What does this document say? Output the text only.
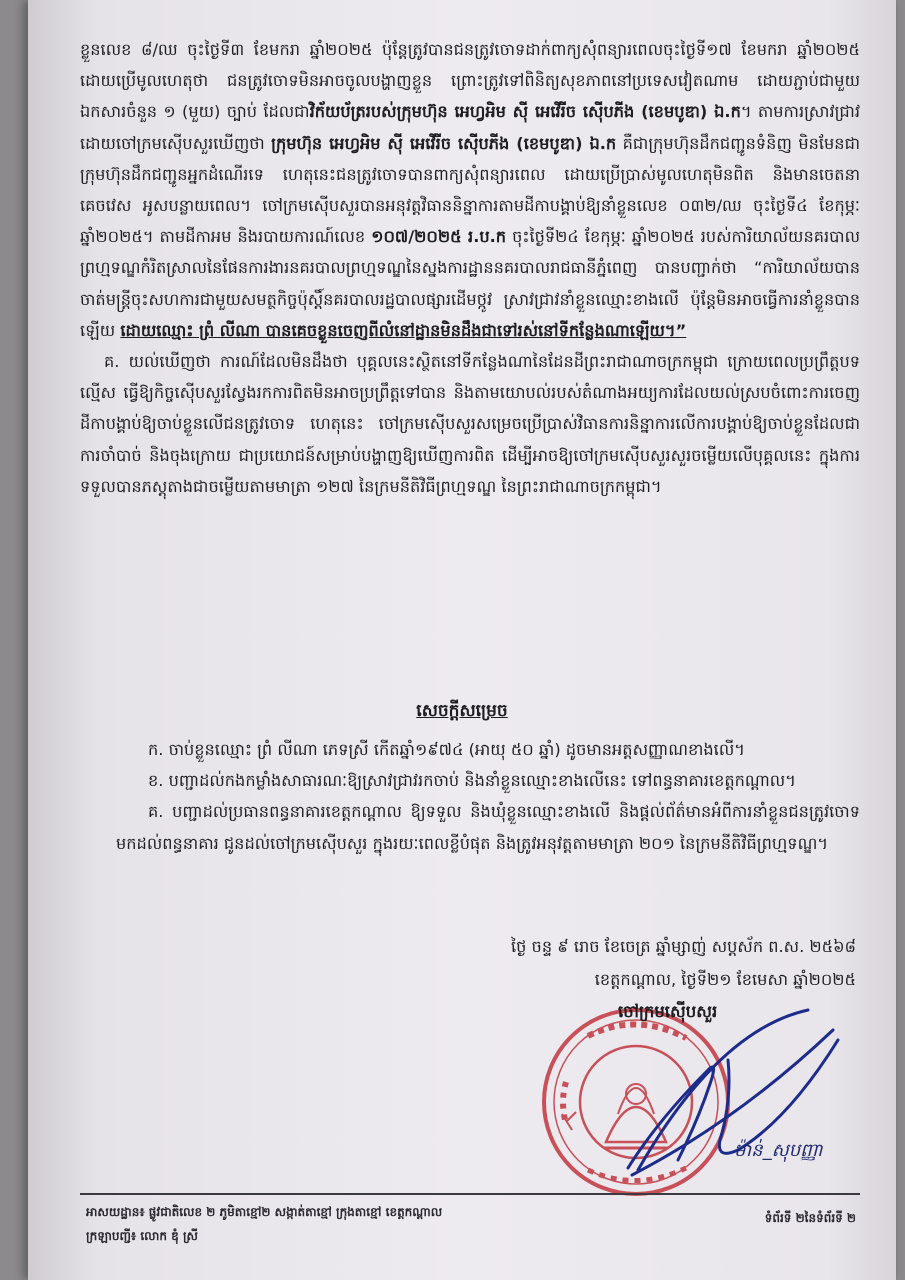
ខ្លួនលេខ ៨/ឈ ចុះថ្ងៃទី៣ ខែមករា ឆ្នាំ២០២៥ ប៉ុន្តែត្រូវបានជនត្រូវចោទដាក់ពាក្យសុំពន្យារពេលចុះថ្ងៃទី១៧ ខែមករា ឆ្នាំ២០២៥ ដោយប្រើមូលហេតុថា ជនត្រូវចោទមិនអាចចូលបង្ហាញខ្លួន ព្រោះត្រូវទៅពិនិត្យសុខភាពនៅប្រទេសវៀតណាម ដោយភ្ជាប់ជាមួយឯកសារចំនួន ១ (មួយ) ច្បាប់ ដែលជាវិក័យប័ត្ររបស់ក្រុមហ៊ុន អេហ្វអិម ស៊ី អេវើរីច ស៊ើបភីង (ខេមបូឌា) ឯ.ក។ តាមការស្រាវជ្រាវដោយចៅក្រមស៊ើបសួរឃើញថា ក្រុមហ៊ុន អេហ្វអិម ស៊ី អេវើរីច ស៊ើបភីង (ខេមបូឌា) ឯ.ក គឺជាក្រុមហ៊ុនដឹកជញ្ជូនទំនិញ មិនមែនជាក្រុមហ៊ុនដឹកជញ្ជូនអ្នកដំណើរទេ ហេតុនេះជនត្រូវចោទបានពាក្យសុំពន្យារពេល ដោយប្រើប្រាស់មូលហេតុមិនពិត និងមានចេតនាគេចវេស អូសបន្លាយពេល។ ចៅក្រមស៊ើបសួរបានអនុវត្តវិធាននិន្នាការតាមដីកាបង្គាប់ឱ្យនាំខ្លួនលេខ ០៣២/ឈ ចុះថ្ងៃទី៤ ខែកុម្ភៈ ឆ្នាំ២០២៥។ តាមដីកាអម និងរបាយការណ៍លេខ ១០៧/២០២៥ រ.ប.ក ចុះថ្ងៃទី២៤ ខែកុម្ភៈ ឆ្នាំ២០២៥ របស់ការិយាល័យនគរបាលព្រហ្មទណ្ឌកំរិតស្រាលនៃផែនការងារនគរបាលព្រហ្មទណ្ឌនៃស្នងការដ្ឋាននគរបាលរាជធានីភ្នំពេញ បានបញ្ជាក់ថា “ការិយាល័យបានចាត់មន្ត្រីចុះសហការជាមួយសមត្ថកិច្ចប៉ុស្តិ៍នគរបាលរដ្ឋបាលផ្សារដើមថ្កូវ ស្រាវជ្រាវនាំខ្លួនឈ្មោះខាងលើ ប៉ុន្តែមិនអាចធ្វើការនាំខ្លួនបានឡើយ ដោយឈ្មោះ ព្រំ លីណា បានគេចខ្លួនចេញពីលំនៅដ្ឋានមិនដឹងជាទៅរស់នៅទីកន្លែងណាឡើយ។”

គ. យល់ឃើញថា ការណ៍ដែលមិនដឹងថា បុគ្គលនេះស្ថិតនៅទីកន្លែងណានៃដែនដីព្រះរាជាណាចក្រកម្ពុជា ក្រោយពេលប្រព្រឹត្តបទល្មើស ធ្វើឱ្យកិច្ចស៊ើបសួរស្វែងរកការពិតមិនអាចប្រព្រឹត្តទៅបាន និងតាមយោបល់របស់តំណាងអយ្យការដែលយល់ស្របចំពោះការចេញដីកាបង្គាប់ឱ្យចាប់ខ្លួនលើជនត្រូវចោទ ហេតុនេះ ចៅក្រមស៊ើបសួរសម្រេចប្រើប្រាស់វិធានការនិន្នាការលើការបង្គាប់ឱ្យចាប់ខ្លួនដែលជាការចាំបាច់ និងចុងក្រោយ ជាប្រយោជន៍សម្រាប់បង្ហាញឱ្យឃើញការពិត ដើម្បីអាចឱ្យចៅក្រមស៊ើបសួរសួរចម្លើយលើបុគ្គលនេះ ក្នុងការទទួលបានភស្តុតាងជាចម្លើយតាមមាត្រា ១២៧ នៃក្រមនីតិវិធីព្រហ្មទណ្ឌ នៃព្រះរាជាណាចក្រកម្ពុជា។

សេចក្តីសម្រេច

ក. ចាប់ខ្លួនឈ្មោះ ព្រំ លីណា ភេទស្រី កើតឆ្នាំ១៩៧៤ (អាយុ ៥០ ឆ្នាំ) ដូចមានអត្តសញ្ញាណខាងលើ។

ខ. បញ្ជាដល់កងកម្លាំងសាធារណៈឱ្យស្រាវជ្រាវរកចាប់ និងនាំខ្លួនឈ្មោះខាងលើនេះ ទៅពន្ធនាគារខេត្តកណ្តាល។

គ. បញ្ជាដល់ប្រធានពន្ធនាគារខេត្តកណ្តាល ឱ្យទទួល និងឃុំខ្លួនឈ្មោះខាងលើ និងផ្តល់ព័ត៌មានអំពីការនាំខ្លួនជនត្រូវចោទមកដល់ពន្ធនាគារ ជូនដល់ចៅក្រមស៊ើបសួរ ក្នុងរយៈពេលខ្លីបំផុត និងត្រូវអនុវត្តតាមមាត្រា ២០១ នៃក្រមនីតិវិធីព្រហ្មទណ្ឌ។

ថ្ងៃ ចន្ទ ៩ រោច ខែចេត្រ ឆ្នាំម្សាញ់ សប្តស័ក ព.ស. ២៥៦៨
ខេត្តកណ្តាល, ថ្ងៃទី២១ ខែមេសា ឆ្នាំ២០២៥
ចៅក្រមស៊ើបសួរ
ម៉ាន់_សុបញ្ញា
អាសយដ្ឋាន៖ ផ្លូវជាតិលេខ ២ ភូមិតាខ្មៅ២ សង្កាត់តាខ្មៅ ក្រុងតាខ្មៅ ខេត្តកណ្តាល
ក្រឡាបញ្ជី៖ លោក ឌុំ ស្រី
ទំព័រទី ២នៃទំព័រទី ២
